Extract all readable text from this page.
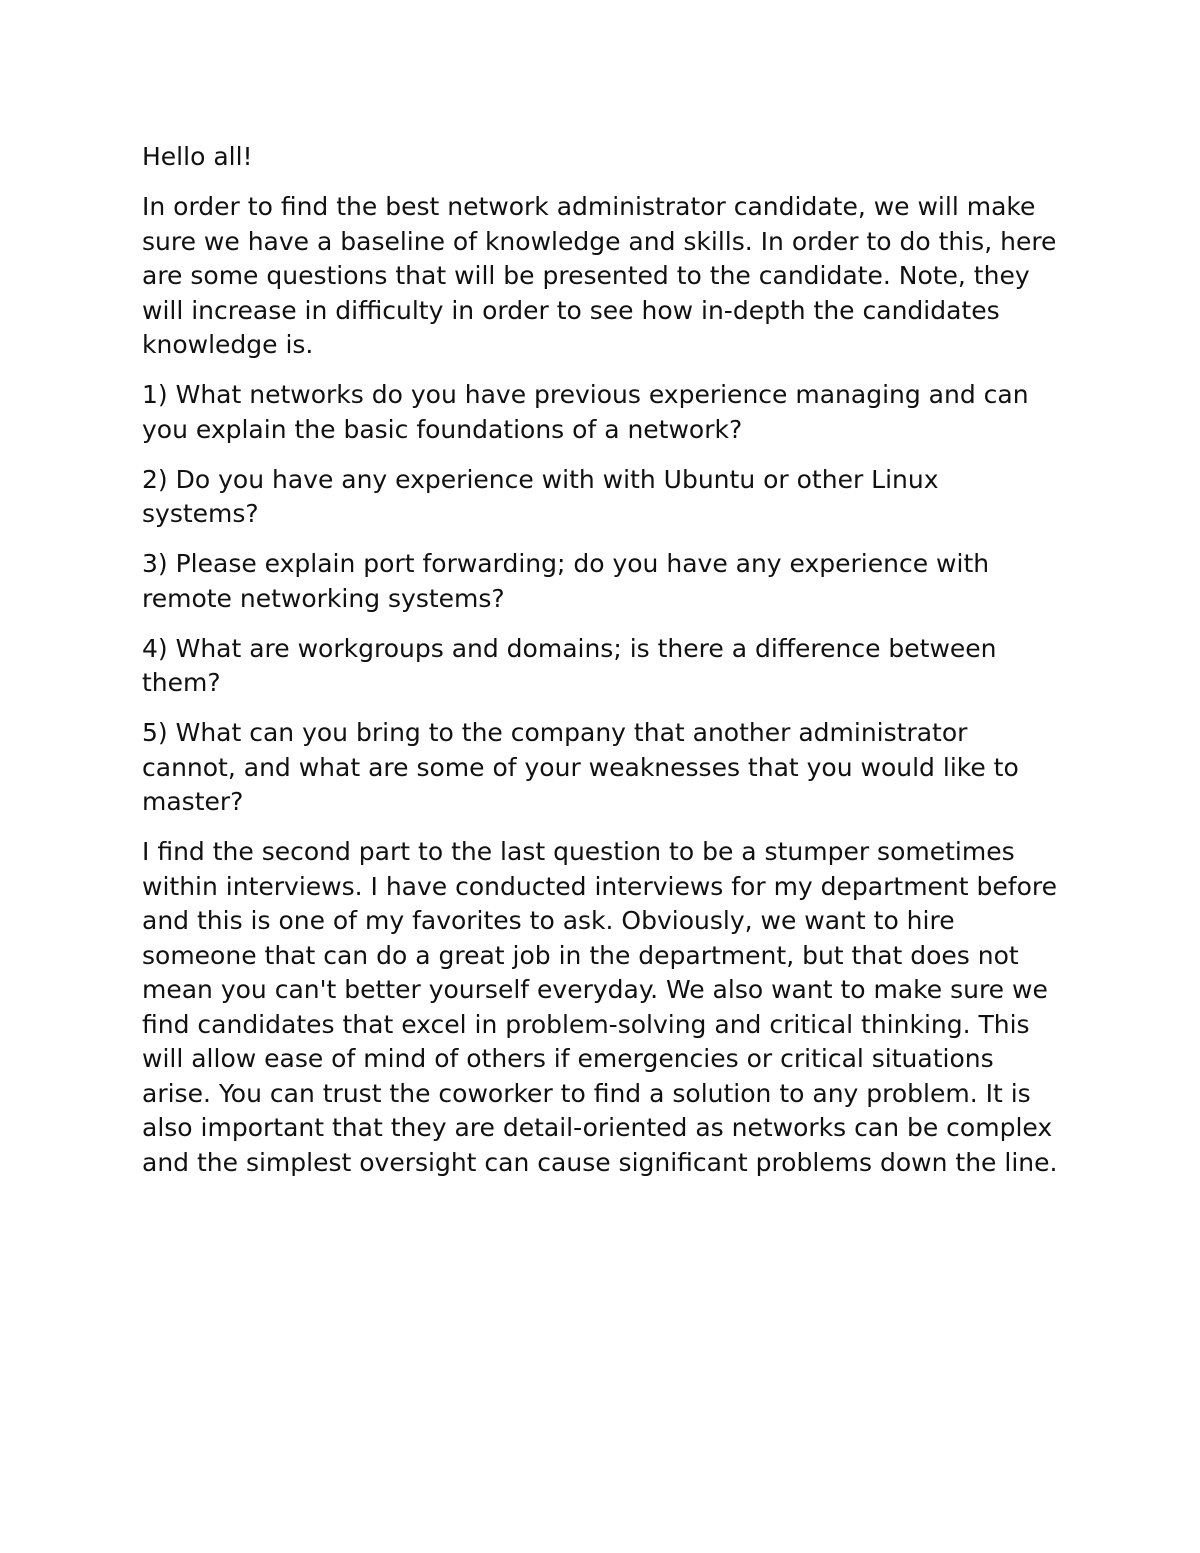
Hello all!

In order to find the best network administrator candidate, we will make sure we have a baseline of knowledge and skills. In order to do this, here are some questions that will be presented to the candidate. Note, they will increase in difficulty in order to see how in-depth the candidates knowledge is.

1) What networks do you have previous experience managing and can you explain the basic foundations of a network?

2) Do you have any experience with with Ubuntu or other Linux systems?

3) Please explain port forwarding; do you have any experience with remote networking systems?

4) What are workgroups and domains; is there a difference between them?

5) What can you bring to the company that another administrator cannot, and what are some of your weaknesses that you would like to master?

I find the second part to the last question to be a stumper sometimes within interviews. I have conducted interviews for my department before and this is one of my favorites to ask. Obviously, we want to hire someone that can do a great job in the department, but that does not mean you can't better yourself everyday. We also want to make sure we find candidates that excel in problem-solving and critical thinking. This will allow ease of mind of others if emergencies or critical situations arise. You can trust the coworker to find a solution to any problem. It is also important that they are detail-oriented as networks can be complex and the simplest oversight can cause significant problems down the line.
